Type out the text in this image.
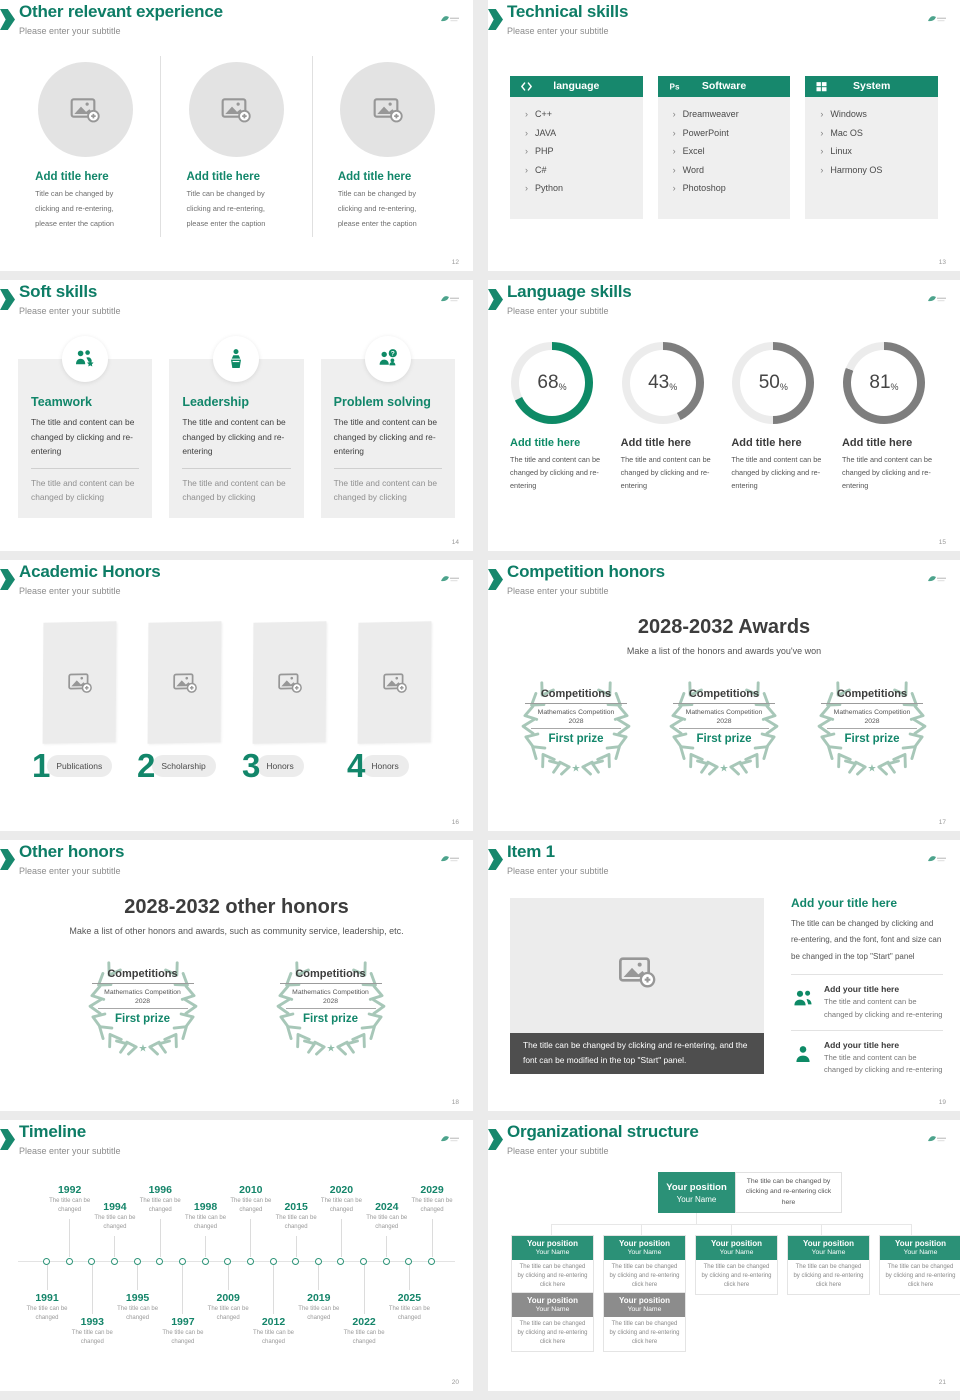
Other relevant experience
Please enter your subtitle
Add title here
Title can be changed by clicking and re-entering, please enter the caption
Add title here
Title can be changed by clicking and re-entering, please enter the caption
Add title here
Title can be changed by clicking and re-entering, please enter the caption
12
Technical skills
Please enter your subtitle
language
› C++
› JAVA
› PHP
› C#
› Python
Software
› Dreamweaver
› PowerPoint
› Excel
› Word
› Photoshop
System
› Windows
› Mac OS
› Linux
› Harmony OS
13
Soft skills
Please enter your subtitle
Teamwork
The title and content can be changed by clicking and re-entering
The title and content can be changed by clicking
Leadership
The title and content can be changed by clicking and re-entering
The title and content can be changed by clicking
Problem solving
The title and content can be changed by clicking and re-entering
The title and content can be changed by clicking
14
Language skills
Please enter your subtitle
68 %
Add title here
The title and content can be changed by clicking and re-entering
43 %
Add title here
The title and content can be changed by clicking and re-entering
50 %
Add title here
The title and content can be changed by clicking and re-entering
81 %
Add title here
The title and content can be changed by clicking and re-entering
15
Academic Honors
Please enter your subtitle
1 Publications	2 Scholarship	3 Honors	4 Honors
16
Competition honors
Please enter your subtitle
2028-2032 Awards
Make a list of the honors and awards you've won
Competitions
Mathematics Competition
2028
First prize
Competitions
Mathematics Competition
2028
First prize
Competitions
Mathematics Competition
2028
First prize
17
Other honors
Please enter your subtitle
2028-2032 other honors
Make a list of other honors and awards, such as community service, leadership, etc.
Competitions
Mathematics Competition
2028
First prize
Competitions
Mathematics Competition
2028
First prize
18
Item 1
Please enter your subtitle
The title can be changed by clicking and re-entering, and the font can be modified in the top "Start" panel.
Add your title here
The title can be changed by clicking and re-entering, and the font, font and size can be changed in the top "Start" panel
Add your title here
The title and content can be changed by clicking and re-entering
Add your title here
The title and content can be changed by clicking and re-entering
19
Timeline
Please enter your subtitle
1991
The title can be changed
1992
The title can be changed
1993
The title can be changed
1994
The title can be changed
1995
The title can be changed
1996
The title can be changed
1997
The title can be changed
1998
The title can be changed
2009
The title can be changed
2010
The title can be changed
2012
The title can be changed
2015
The title can be changed
2019
The title can be changed
2020
The title can be changed
2022
The title can be changed
2024
The title can be changed
2025
The title can be changed
2029
The title can be changed
20
Organizational structure
Please enter your subtitle
Your position
Your Name
The title can be changed by clicking and re-entering click here
Your position
Your Name
The title can be changed by clicking and re-entering click here
Your position
Your Name
The title can be changed by clicking and re-entering click here
Your position
Your Name
The title can be changed by clicking and re-entering click here
Your position
Your Name
The title can be changed by clicking and re-entering click here
Your position
Your Name
The title can be changed by clicking and re-entering click here
Your position
Your Name
The title can be changed by clicking and re-entering click here
Your position
Your Name
The title can be changed by clicking and re-entering click here
21
